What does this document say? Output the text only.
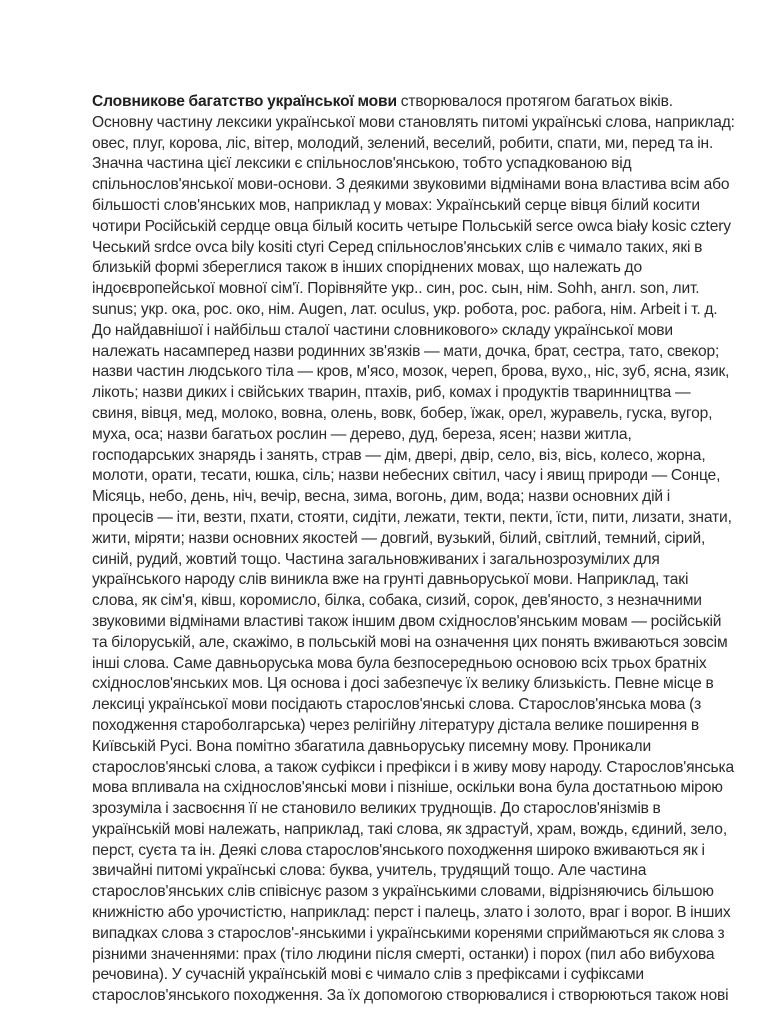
Словникове багатство української мови створювалося протягом багатьох віків.
Основну частину лексики української мови становлять питомі українські слова, наприклад:
овес, плуг, корова, ліс, вітер, молодий, зелений, веселий, робити, спати, ми, перед та ін.
Значна частина цієї лексики є спільнослов'янською, тобто успадкованою від
спільнослов'янської мови-основи. З деякими звуковими відмінами вона властива всім або
більшості слов'янських мов, наприклад у мовах: Український серце вівця білий косити
чотири Російській сердце овца білый косить четыре Польській serce owca biały kosic cztery
Чеський srdce ovca bily kositi ctyri Серед спільнослов'янських слів є чимало таких, які в
близькій формі збереглися також в інших споріднених мовах, що належать до
індоєвропейської мовної сім'ї. Порівняйте укр.. син, рос. сын, нім. Sohh, англ. son, лит.
sunus; укр. ока, рос. око, нім. Augen, лат. oculus, укр. робота, рос. рабога, нім. Arbeit і т. д.
До найдавнішої і найбільш сталої частини словникового» складу української мови
належать насамперед назви родинних зв'язків — мати, дочка, брат, сестра, тато, свекор;
назви частин людського тіла — кров, м'ясо, мозок, череп, брова, вухо,, ніс, зуб, ясна, язик,
лікоть; назви диких і свійських тварин, птахів, риб, комах і продуктів тваринництва —
свиня, вівця, мед, молоко, вовна, олень, вовк, бобер, їжак, орел, журавель, гуска, вугор,
муха, оса; назви багатьох рослин — дерево, дуд, береза, ясен; назви житла,
господарських знарядь і занять, страв — дім, двері, двір, село, віз, вісь, колесо, жорна,
молоти, орати, тесати, юшка, сіль; назви небесних світил, часу і явищ природи — Сонце,
Місяць, небо, день, ніч, вечір, весна, зима, вогонь, дим, вода; назви основних дій і
процесів — іти, везти, пхати, стояти, сидіти, лежати, текти, пекти, їсти, пити, лизати, знати,
жити, міряти; назви основних якостей — довгий, вузький, білий, світлий, темний, сірий,
синій, рудий, жовтий тощо. Частина загальновживаних і загальнозрозумілих для
українського народу слів виникла вже на грунті давньоруської мови. Наприклад, такі
слова, як сім'я, ківш, коромисло, білка, собака, сизий, сорок, дев'яносто, з незначними
звуковими відмінами властиві також іншим двом східнослов'янським мовам — російській
та білоруській, але, скажімо, в польській мові на означення цих понять вживаються зовсім
інші слова. Саме давньоруська мова була безпосередньою основою всіх трьох братніх
східнослов'янських мов. Ця основа і досі забезпечує їх велику близькість. Певне місце в
лексиці української мови посідають старослов'янські слова. Старослов'янська мова (з
походження староболгарська) через релігійну літературу дістала велике поширення в
Київській Русі. Вона помітно збагатила давньоруську писемну мову. Проникали
старослов'янські слова, а також суфікси і префікси і в живу мову народу. Старослов'янська
мова впливала на східнослов'янські мови і пізніше, оскільки вона була достатньою мірою
зрозуміла і засвоєння її не становило великих труднощів. До старослов'янізмів в
українській мові належать, наприклад, такі слова, як здрастуй, храм, вождь, єдиний, зело,
перст, суєта та ін. Деякі слова старослов'янського походження широко вживаються як і
звичайні питомі українські слова: буква, учитель, трудящий тощо. Але частина
старослов'янських слів співіснує разом з українськими словами, відрізняючись більшою
книжністю або урочистістю, наприклад: перст і палець, злато і золото, враг і ворог. В інших
випадках слова з старослов'-янськими і українськими коренями сприймаються як слова з
різними значеннями: прах (тіло людини після смерті, останки) і порох (пил або вибухова
речовина). У сучасній українській мові є чимало слів з префіксами і суфіксами
старослов'янського походження. За їх допомогою створювалися і створюються також нові
